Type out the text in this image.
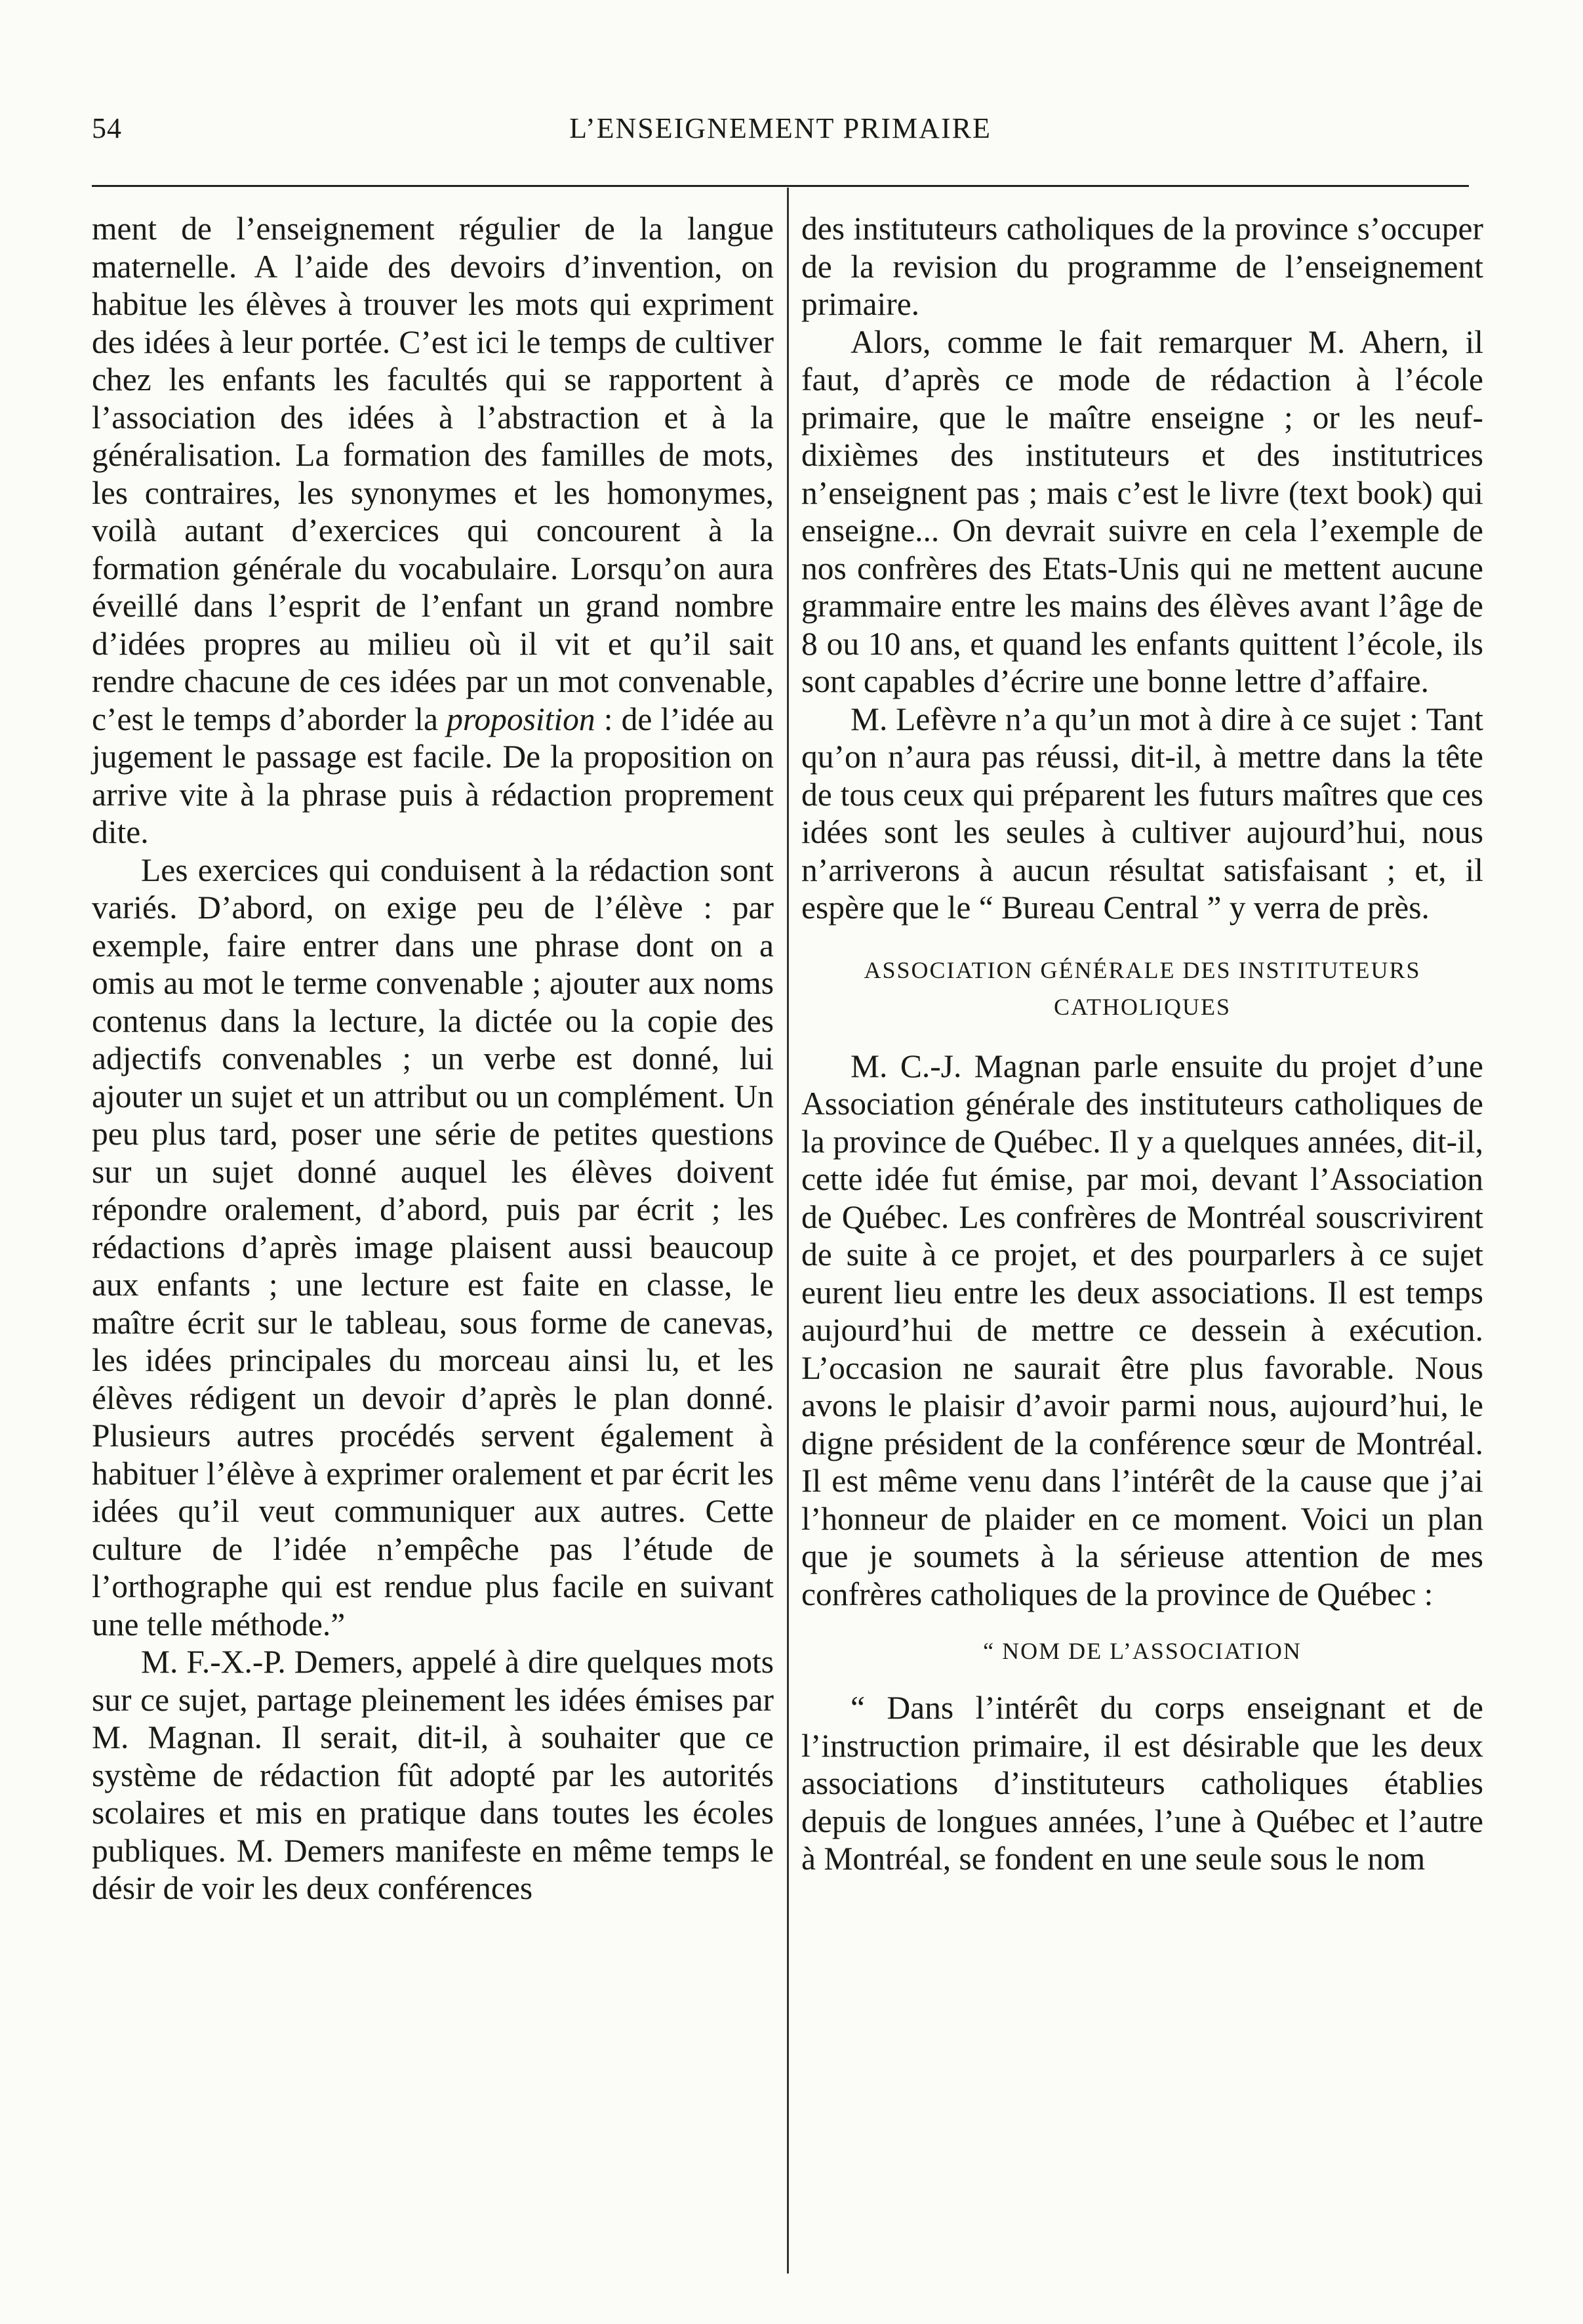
54	L’ENSEIGNEMENT PRIMAIRE

ment de l’enseignement régulier de la langue maternelle. A l’aide des devoirs d’invention, on habitue les élèves à trouver les mots qui expriment des idées à leur portée. C’est ici le temps de cultiver chez les enfants les facultés qui se rapportent à l’association des idées à l’abstraction et à la généralisation. La formation des familles de mots, les contraires, les synonymes et les homonymes, voilà autant d’exercices qui concourent à la formation générale du vocabulaire. Lorsqu’on aura éveillé dans l’esprit de l’enfant un grand nombre d’idées propres au milieu où il vit et qu’il sait rendre chacune de ces idées par un mot convenable, c’est le temps d’aborder la proposition : de l’idée au jugement le passage est facile. De la proposition on arrive vite à la phrase puis à rédaction proprement dite.

Les exercices qui conduisent à la rédaction sont variés. D’abord, on exige peu de l’élève : par exemple, faire entrer dans une phrase dont on a omis au mot le terme convenable ; ajouter aux noms contenus dans la lecture, la dictée ou la copie des adjectifs convenables ; un verbe est donné, lui ajouter un sujet et un attribut ou un complément. Un peu plus tard, poser une série de petites questions sur un sujet donné auquel les élèves doivent répondre oralement, d’abord, puis par écrit ; les rédactions d’après image plaisent aussi beaucoup aux enfants ; une lecture est faite en classe, le maître écrit sur le tableau, sous forme de canevas, les idées principales du morceau ainsi lu, et les élèves rédigent un devoir d’après le plan donné. Plusieurs autres procédés servent également à habituer l’élève à exprimer oralement et par écrit les idées qu’il veut communiquer aux autres. Cette culture de l’idée n’empêche pas l’étude de l’orthographe qui est rendue plus facile en suivant une telle méthode.”

M. F.-X.-P. Demers, appelé à dire quelques mots sur ce sujet, partage pleinement les idées émises par M. Magnan. Il serait, dit-il, à souhaiter que ce système de rédaction fût adopté par les autorités scolaires et mis en pratique dans toutes les écoles publiques. M. Demers manifeste en même temps le désir de voir les deux conférences

des instituteurs catholiques de la province s’occuper de la revision du programme de l’enseignement primaire.

Alors, comme le fait remarquer M. Ahern, il faut, d’après ce mode de rédaction à l’école primaire, que le maître enseigne ; or les neuf-dixièmes des instituteurs et des institutrices n’enseignent pas ; mais c’est le livre (text book) qui enseigne... On devrait suivre en cela l’exemple de nos confrères des Etats-Unis qui ne mettent aucune grammaire entre les mains des élèves avant l’âge de 8 ou 10 ans, et quand les enfants quittent l’école, ils sont capables d’écrire une bonne lettre d’affaire.

M. Lefèvre n’a qu’un mot à dire à ce sujet : Tant qu’on n’aura pas réussi, dit-il, à mettre dans la tête de tous ceux qui préparent les futurs maîtres que ces idées sont les seules à cultiver aujourd’hui, nous n’arriverons à aucun résultat satisfaisant ; et, il espère que le “ Bureau Central ” y verra de près.

ASSOCIATION GÉNÉRALE DES INSTITUTEURS CATHOLIQUES

M. C.-J. Magnan parle ensuite du projet d’une Association générale des instituteurs catholiques de la province de Québec. Il y a quelques années, dit-il, cette idée fut émise, par moi, devant l’Association de Québec. Les confrères de Montréal souscrivirent de suite à ce projet, et des pourparlers à ce sujet eurent lieu entre les deux associations. Il est temps aujourd’hui de mettre ce dessein à exécution. L’occasion ne saurait être plus favorable. Nous avons le plaisir d’avoir parmi nous, aujourd’hui, le digne président de la conférence sœur de Montréal. Il est même venu dans l’intérêt de la cause que j’ai l’honneur de plaider en ce moment. Voici un plan que je soumets à la sérieuse attention de mes confrères catholiques de la province de Québec :

“ NOM DE L’ASSOCIATION

“ Dans l’intérêt du corps enseignant et de l’instruction primaire, il est désirable que les deux associations d’instituteurs catholiques établies depuis de longues années, l’une à Québec et l’autre à Montréal, se fondent en une seule sous le nom
